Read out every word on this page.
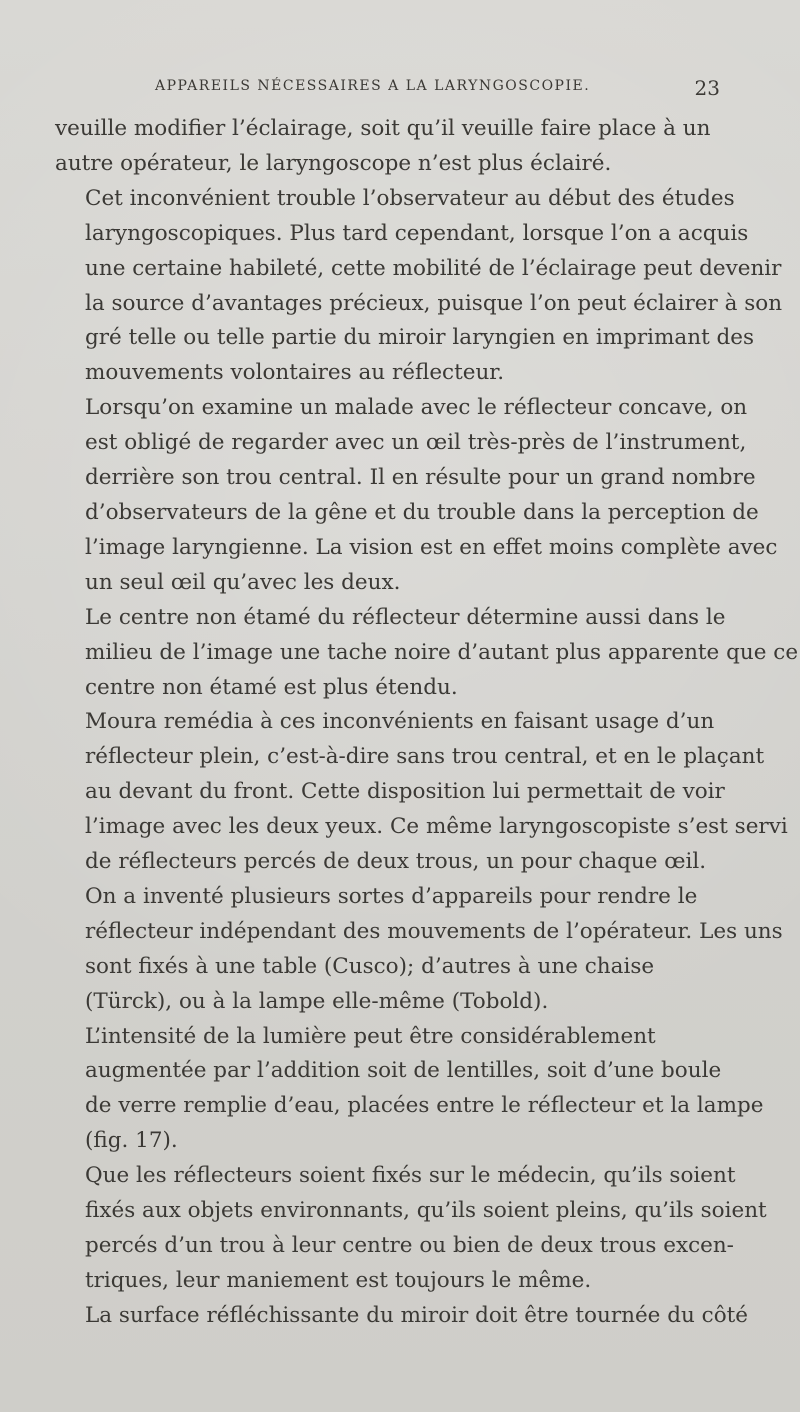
APPAREILS NÉCESSAIRES A LA LARYNGOSCOPIE.	23

veuille modifier l’éclairage, soit qu’il veuille faire place à un
autre opérateur, le laryngoscope n’est plus éclairé.

Cet inconvénient trouble l’observateur au début des études
laryngoscopiques. Plus tard cependant, lorsque l’on a acquis
une certaine habileté, cette mobilité de l’éclairage peut devenir
la source d’avantages précieux, puisque l’on peut éclairer à son
gré telle ou telle partie du miroir laryngien en imprimant des
mouvements volontaires au réflecteur.

Lorsqu’on examine un malade avec le réflecteur concave, on
est obligé de regarder avec un œil très-près de l’instrument,
derrière son trou central. Il en résulte pour un grand nombre
d’observateurs de la gêne et du trouble dans la perception de
l’image laryngienne. La vision est en effet moins complète avec
un seul œil qu’avec les deux.

Le centre non étamé du réflecteur détermine aussi dans le
milieu de l’image une tache noire d’autant plus apparente que ce
centre non étamé est plus étendu.

Moura remédia à ces inconvénients en faisant usage d’un
réflecteur plein, c’est-à-dire sans trou central, et en le plaçant
au devant du front. Cette disposition lui permettait de voir
l’image avec les deux yeux. Ce même laryngoscopiste s’est servi
de réflecteurs percés de deux trous, un pour chaque œil.

On a inventé plusieurs sortes d’appareils pour rendre le
réflecteur indépendant des mouvements de l’opérateur. Les uns
sont fixés à une table (Cusco); d’autres à une chaise
(Türck), ou à la lampe elle-même (Tobold).

L’intensité de la lumière peut être considérablement
augmentée par l’addition soit de lentilles, soit d’une boule
de verre remplie d’eau, placées entre le réflecteur et la lampe
(fig. 17).

Que les réflecteurs soient fixés sur le médecin, qu’ils soient
fixés aux objets environnants, qu’ils soient pleins, qu’ils soient
percés d’un trou à leur centre ou bien de deux trous excen-
triques, leur maniement est toujours le même.

La surface réfléchissante du miroir doit être tournée du côté
